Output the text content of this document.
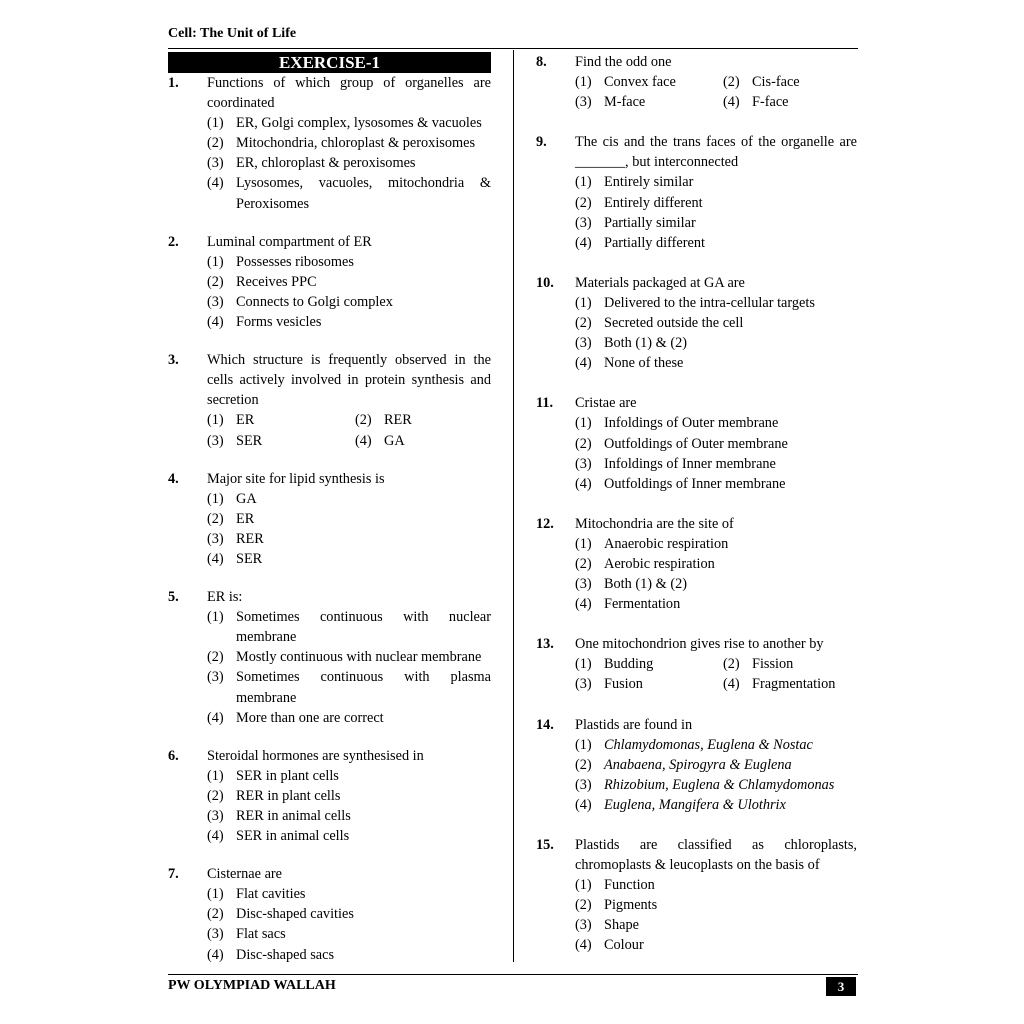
Cell: The Unit of Life
EXERCISE-1
1.	Functions of which group of organelles are coordinated
(1) ER, Golgi complex, lysosomes & vacuoles
(2) Mitochondria, chloroplast & peroxisomes
(3) ER, chloroplast & peroxisomes
(4) Lysosomes, vacuoles, mitochondria & Peroxisomes
2.	Luminal compartment of ER
(1) Possesses ribosomes
(2) Receives PPC
(3) Connects to Golgi complex
(4) Forms vesicles
3.	Which structure is frequently observed in the cells actively involved in protein synthesis and secretion
(1) ER	(2) RER
(3) SER	(4) GA
4.	Major site for lipid synthesis is
(1) GA
(2) ER
(3) RER
(4) SER
5.	ER is:
(1) Sometimes continuous with nuclear membrane
(2) Mostly continuous with nuclear membrane
(3) Sometimes continuous with plasma membrane
(4) More than one are correct
6.	Steroidal hormones are synthesised in
(1) SER in plant cells
(2) RER in plant cells
(3) RER in animal cells
(4) SER in animal cells
7.	Cisternae are
(1) Flat cavities
(2) Disc-shaped cavities
(3) Flat sacs
(4) Disc-shaped sacs
8.	Find the odd one
(1) Convex face	(2) Cis-face
(3) M-face	(4) F-face
9.	The cis and the trans faces of the organelle are _______, but interconnected
(1) Entirely similar
(2) Entirely different
(3) Partially similar
(4) Partially different
10.	Materials packaged at GA are
(1) Delivered to the intra-cellular targets
(2) Secreted outside the cell
(3) Both (1) & (2)
(4) None of these
11.	Cristae are
(1) Infoldings of Outer membrane
(2) Outfoldings of Outer membrane
(3) Infoldings of Inner membrane
(4) Outfoldings of Inner membrane
12.	Mitochondria are the site of
(1) Anaerobic respiration
(2) Aerobic respiration
(3) Both (1) & (2)
(4) Fermentation
13.	One mitochondrion gives rise to another by
(1) Budding	(2) Fission
(3) Fusion	(4) Fragmentation
14.	Plastids are found in
(1) Chlamydomonas, Euglena & Nostac
(2) Anabaena, Spirogyra & Euglena
(3) Rhizobium, Euglena & Chlamydomonas
(4) Euglena, Mangifera & Ulothrix
15.	Plastids are classified as chloroplasts, chromoplasts & leucoplasts on the basis of
(1) Function
(2) Pigments
(3) Shape
(4) Colour
PW OLYMPIAD WALLAH	3
